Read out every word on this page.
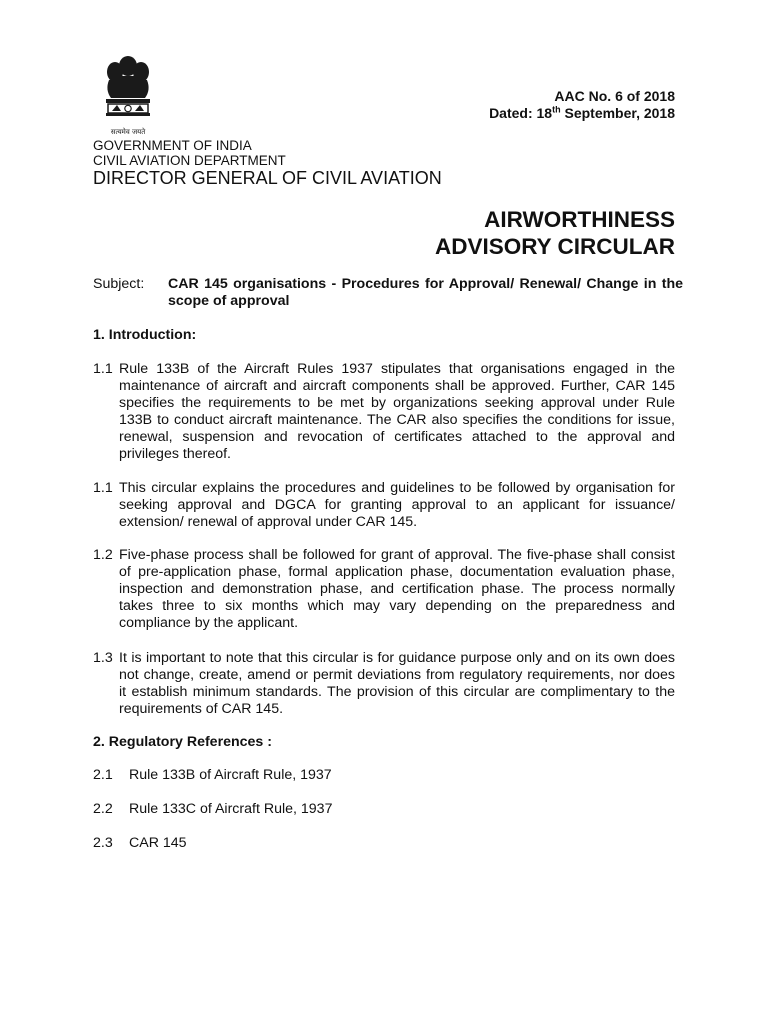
सत्यमेव जयते
AAC No. 6 of 2018
Dated: 18th September, 2018
GOVERNMENT OF INDIA
CIVIL AVIATION DEPARTMENT
DIRECTOR GENERAL OF CIVIL AVIATION
AIRWORTHINESS
ADVISORY CIRCULAR
Subject: CAR 145 organisations - Procedures for Approval/ Renewal/ Change in the scope of approval
1. Introduction:
1.1 Rule 133B of the Aircraft Rules 1937 stipulates that organisations engaged in the maintenance of aircraft and aircraft components shall be approved. Further, CAR 145 specifies the requirements to be met by organizations seeking approval under Rule 133B to conduct aircraft maintenance. The CAR also specifies the conditions for issue, renewal, suspension and revocation of certificates attached to the approval and privileges thereof.
1.1 This circular explains the procedures and guidelines to be followed by organisation for seeking approval and DGCA for granting approval to an applicant for issuance/ extension/ renewal of approval under CAR 145.
1.2 Five-phase process shall be followed for grant of approval. The five-phase shall consist of pre-application phase, formal application phase, documentation evaluation phase, inspection and demonstration phase, and certification phase. The process normally takes three to six months which may vary depending on the preparedness and compliance by the applicant.
1.3 It is important to note that this circular is for guidance purpose only and on its own does not change, create, amend or permit deviations from regulatory requirements, nor does it establish minimum standards. The provision of this circular are complimentary to the requirements of CAR 145.
2. Regulatory References :
2.1 Rule 133B of Aircraft Rule, 1937
2.2 Rule 133C of Aircraft Rule, 1937
2.3 CAR 145
